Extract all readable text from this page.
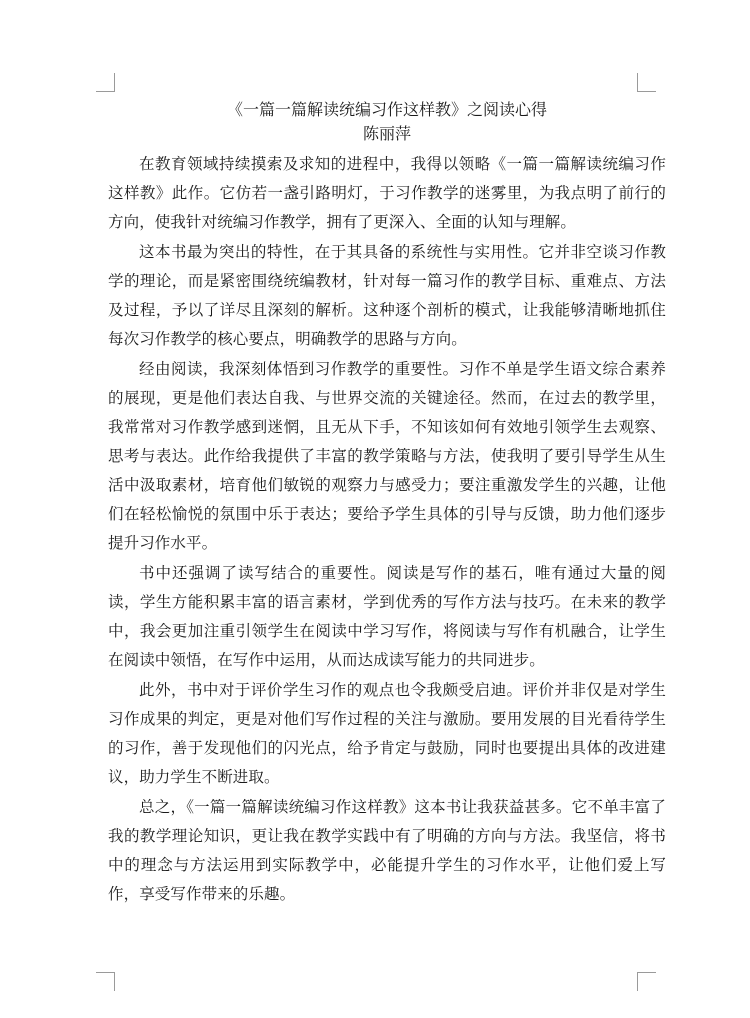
《一篇一篇解读统编习作这样教》之阅读心得
陈丽萍

在教育领域持续摸索及求知的进程中，我得以领略《一篇一篇解读统编习作这样教》此作。它仿若一盏引路明灯，于习作教学的迷雾里，为我点明了前行的方向，使我针对统编习作教学，拥有了更深入、全面的认知与理解。

这本书最为突出的特性，在于其具备的系统性与实用性。它并非空谈习作教学的理论，而是紧密围绕统编教材，针对每一篇习作的教学目标、重难点、方法及过程，予以了详尽且深刻的解析。这种逐个剖析的模式，让我能够清晰地抓住每次习作教学的核心要点，明确教学的思路与方向。

经由阅读，我深刻体悟到习作教学的重要性。习作不单是学生语文综合素养的展现，更是他们表达自我、与世界交流的关键途径。然而，在过去的教学里，我常常对习作教学感到迷惘，且无从下手，不知该如何有效地引领学生去观察、思考与表达。此作给我提供了丰富的教学策略与方法，使我明了要引导学生从生活中汲取素材，培育他们敏锐的观察力与感受力；要注重激发学生的兴趣，让他们在轻松愉悦的氛围中乐于表达；要给予学生具体的引导与反馈，助力他们逐步提升习作水平。

书中还强调了读写结合的重要性。阅读是写作的基石，唯有通过大量的阅读，学生方能积累丰富的语言素材，学到优秀的写作方法与技巧。在未来的教学中，我会更加注重引领学生在阅读中学习写作，将阅读与写作有机融合，让学生在阅读中领悟，在写作中运用，从而达成读写能力的共同进步。

此外，书中对于评价学生习作的观点也令我颇受启迪。评价并非仅是对学生习作成果的判定，更是对他们写作过程的关注与激励。要用发展的目光看待学生的习作，善于发现他们的闪光点，给予肯定与鼓励，同时也要提出具体的改进建议，助力学生不断进取。

总之，《一篇一篇解读统编习作这样教》这本书让我获益甚多。它不单丰富了我的教学理论知识，更让我在教学实践中有了明确的方向与方法。我坚信，将书中的理念与方法运用到实际教学中，必能提升学生的习作水平，让他们爱上写作，享受写作带来的乐趣。
